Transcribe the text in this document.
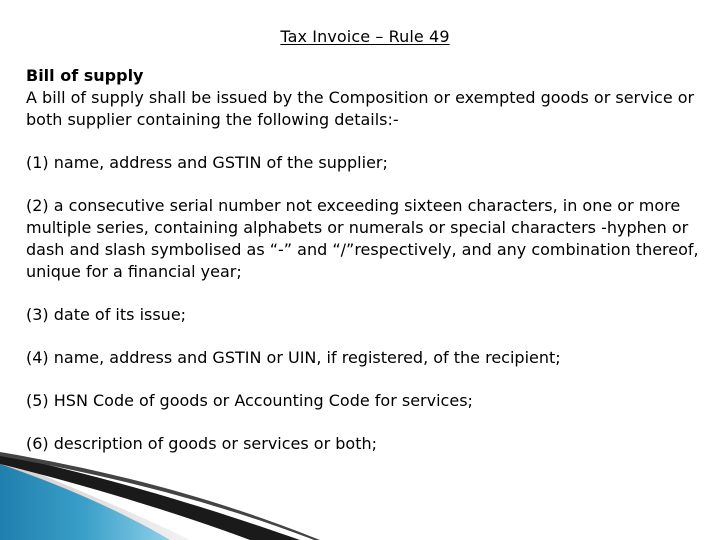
Tax Invoice – Rule 49
Bill of supply

A bill of supply shall be issued by the Composition or exempted goods or service or both supplier containing the following details:-

(1) name, address and GSTIN of the supplier;

(2) a consecutive serial number not exceeding sixteen characters, in one or more multiple series, containing alphabets or numerals or special characters -hyphen or dash and slash symbolised as “-” and “/”respectively, and any combination thereof, unique for a financial year;

(3) date of its issue;

(4) name, address and GSTIN or UIN, if registered, of the recipient;

(5) HSN Code of goods or Accounting Code for services;

(6) description of goods or services or both;
